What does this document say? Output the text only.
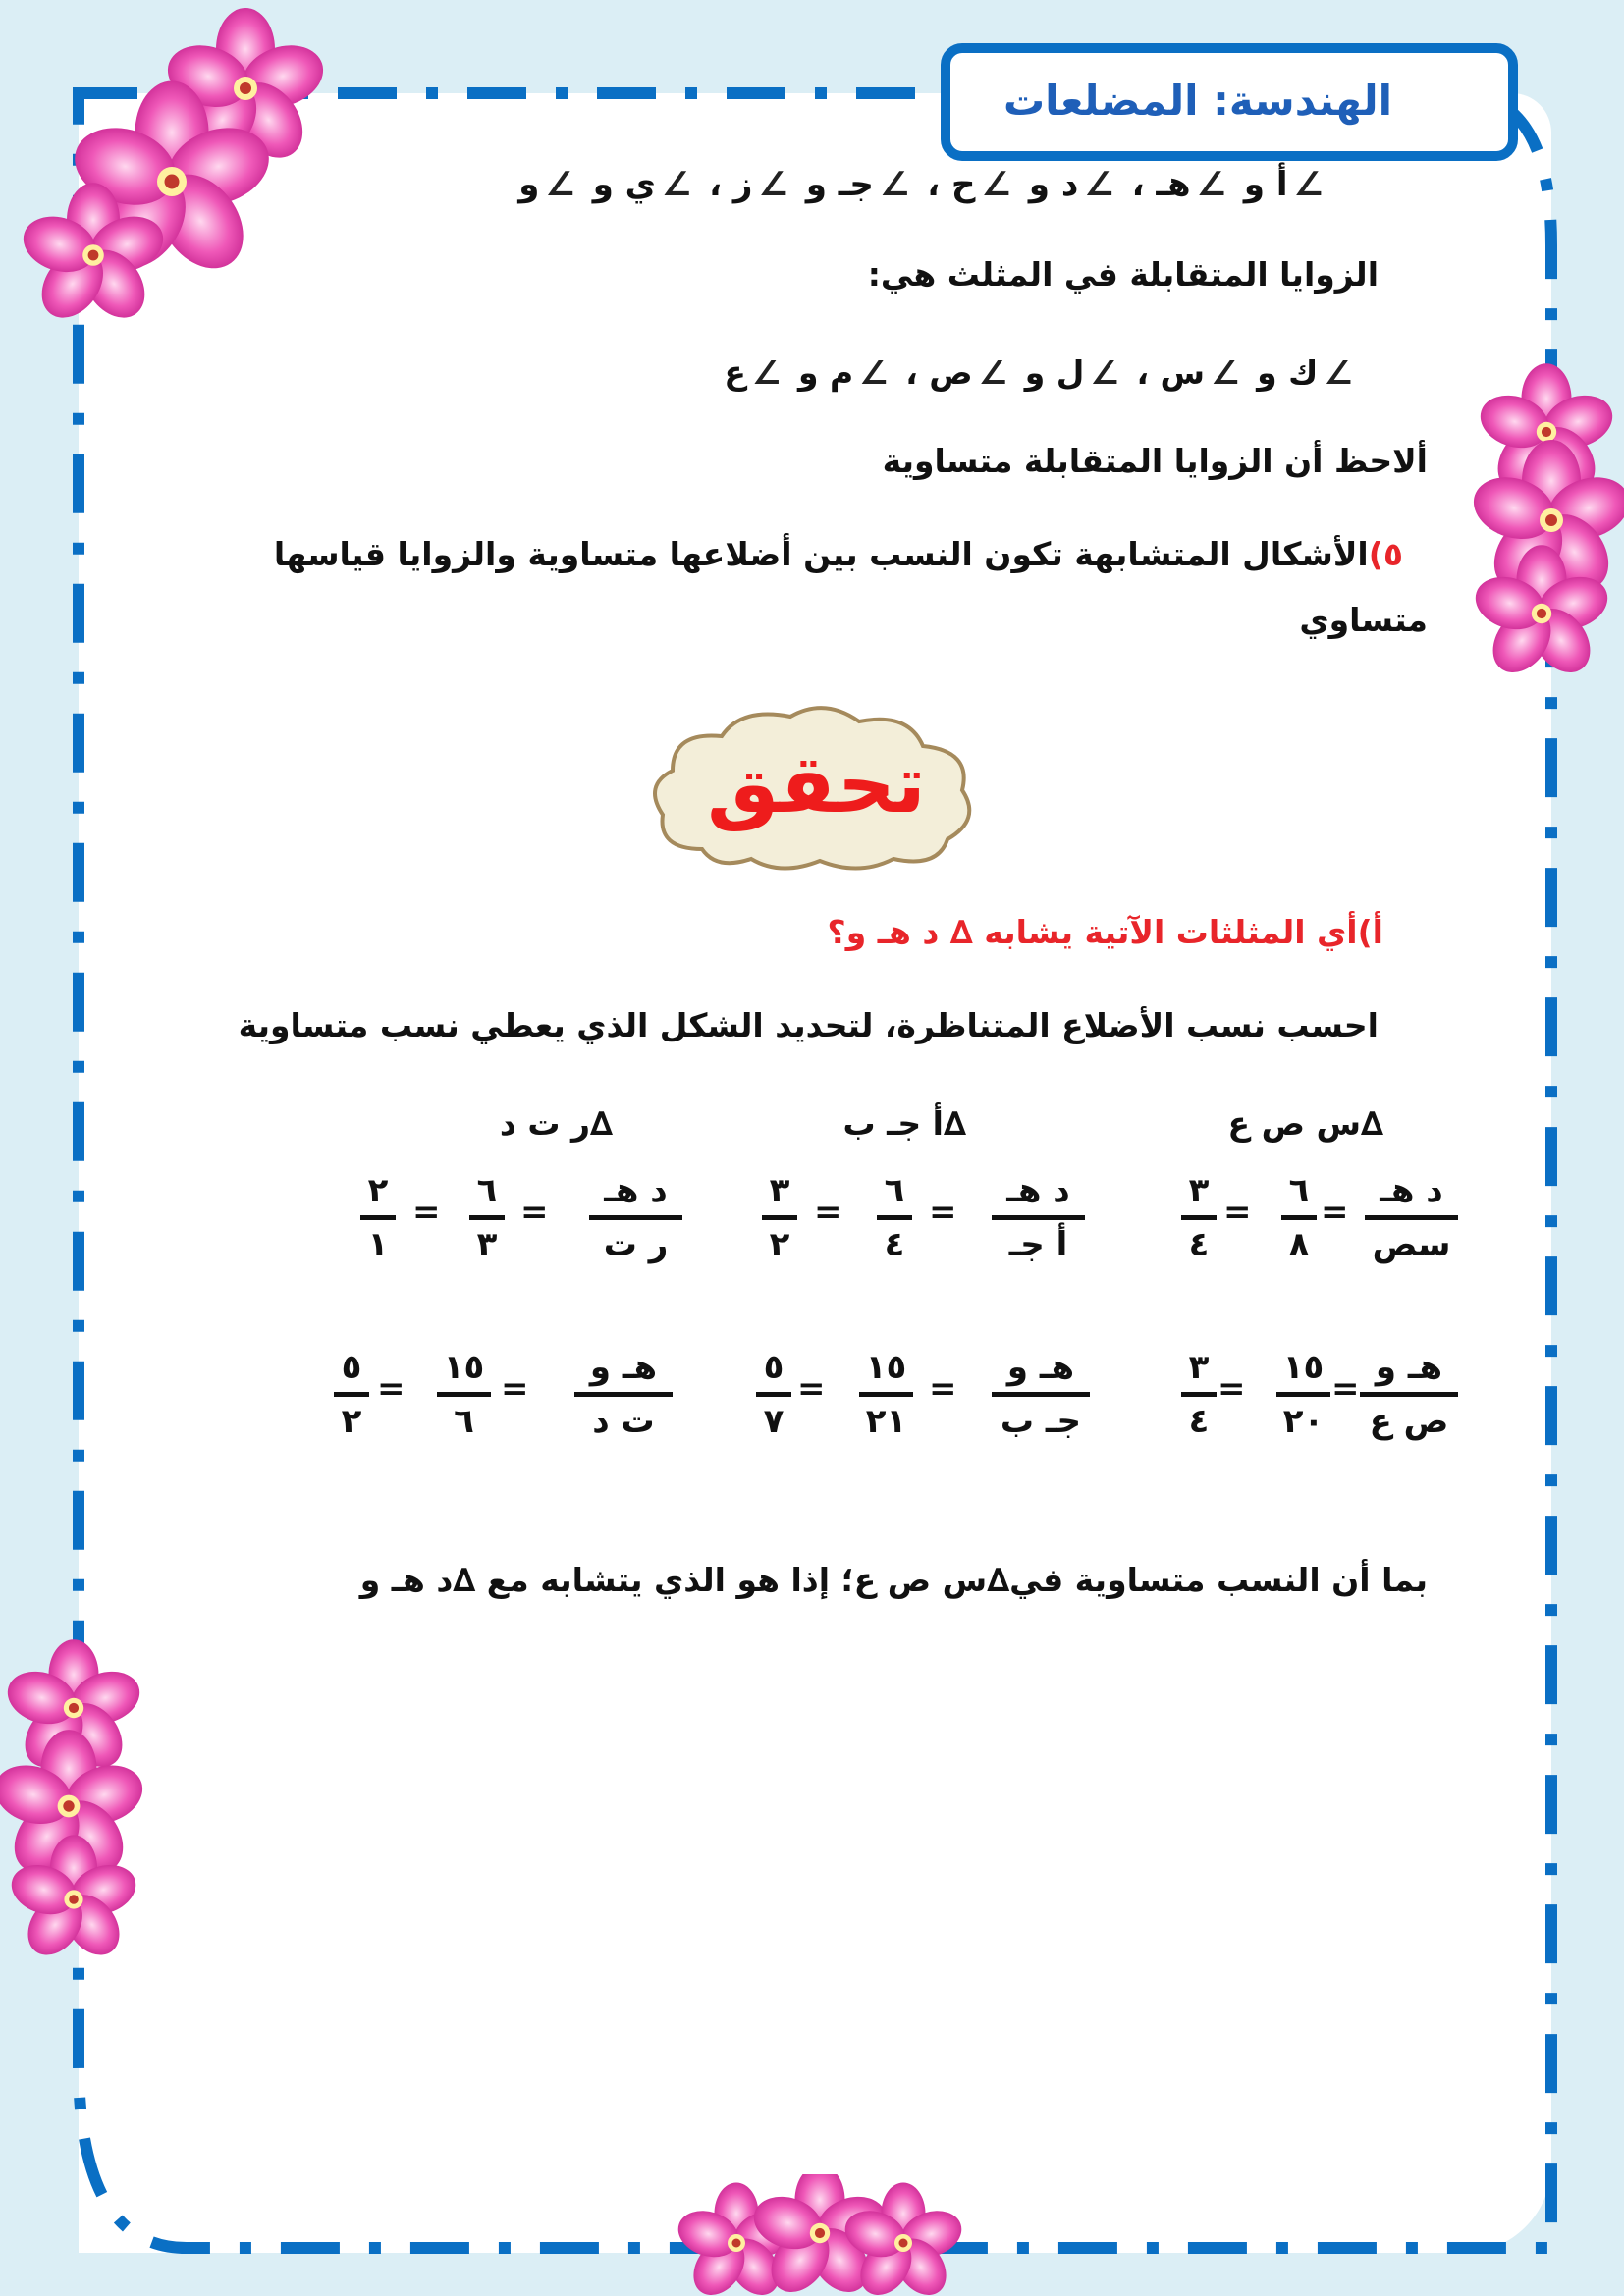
الهندسة: المضلعات
∠أ و ∠هـ ، ∠د و ∠ح ، ∠جـ و ∠ز ، ∠ي و ∠و
الزوايا المتقابلة في المثلث هي:
∠ك و ∠س ، ∠ل و ∠ص ، ∠م و ∠ع
ألاحظ أن الزوايا المتقابلة متساوية
٥)الأشكال المتشابهة تكون النسب بين أضلاعها متساوية والزوايا قياسها
متساوي
تحقق
أ)أي المثلثات الآتية يشابه ∆ د هـ و؟
احسب نسب الأضلاع المتناظرة، لتحديد الشكل الذي يعطي نسب متساوية
∆س ص ع
∆أ جـ ب
∆ر ت د
د هـ
سص
=
٦
٨
=
٣
٤
د هـ
أ جـ
=
٦
٤
=
٣
٢
د هـ
ر ت
=
٦
٣
=
٢
١
هـ و
ص ع
=
١٥
٢٠
=
٣
٤
هـ و
جـ ب
=
١٥
٢١
=
٥
٧
هـ و
ت د
=
١٥
٦
=
٥
٢
بما أن النسب متساوية في∆س ص ع؛ إذا هو الذي يتشابه مع ∆د هـ و
